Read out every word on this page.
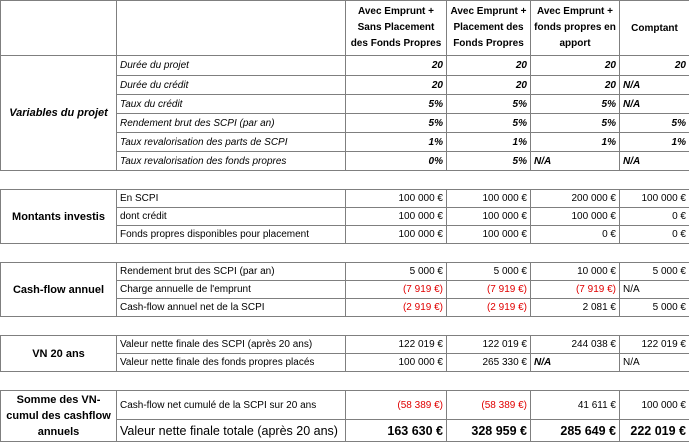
		Avec Emprunt + Sans Placement des Fonds Propres	Avec Emprunt + Placement des Fonds Propres	Avec Emprunt + fonds propres en apport	Comptant
Variables du projet	Durée du projet	20	20	20	20
	Durée du crédit	20	20	20	N/A
	Taux du crédit	5%	5%	5%	N/A
	Rendement brut des SCPI (par an)	5%	5%	5%	5%
	Taux revalorisation des parts de SCPI	1%	1%	1%	1%
	Taux revalorisation des fonds propres	0%	5%	N/A	N/A

Montants investis	En SCPI	100 000 €	100 000 €	200 000 €	100 000 €
	dont crédit	100 000 €	100 000 €	100 000 €	0 €
	Fonds propres disponibles pour placement	100 000 €	100 000 €	0 €	0 €

Cash-flow annuel	Rendement brut des SCPI (par an)	5 000 €	5 000 €	10 000 €	5 000 €
	Charge annuelle de l'emprunt	(7 919 €)	(7 919 €)	(7 919 €)	N/A
	Cash-flow annuel net de la SCPI	(2 919 €)	(2 919 €)	2 081 €	5 000 €

VN 20 ans	Valeur nette finale des SCPI (après 20 ans)	122 019 €	122 019 €	244 038 €	122 019 €
	Valeur nette finale des fonds propres placés	100 000 €	265 330 €	N/A	N/A

Somme des VN-cumul des cashflow annuels	Cash-flow net cumulé de la SCPI sur 20 ans	(58 389 €)	(58 389 €)	41 611 €	100 000 €
	Valeur nette finale totale (après 20 ans)	163 630 €	328 959 €	285 649 €	222 019 €
